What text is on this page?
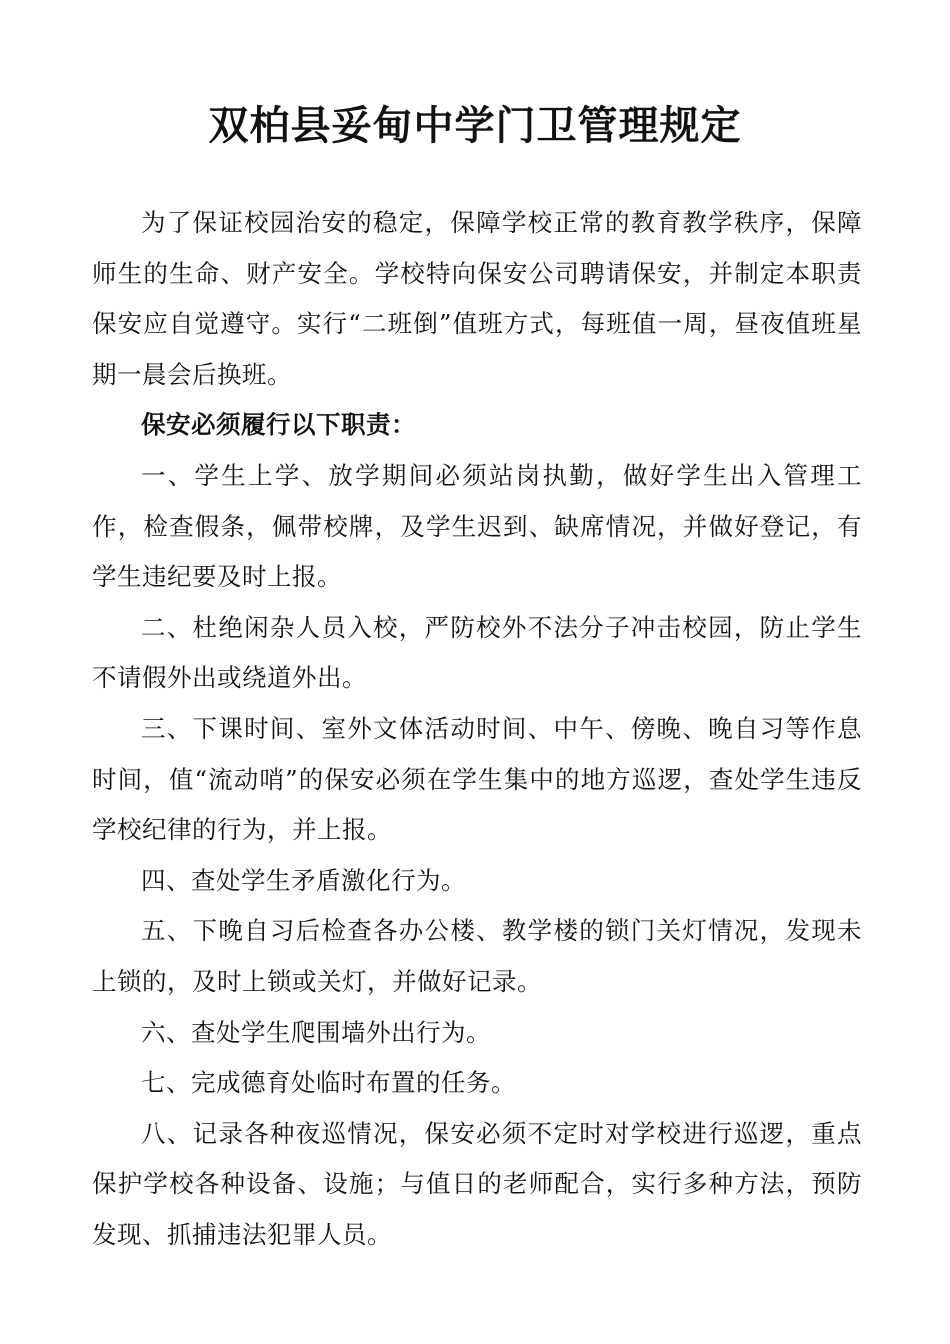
双柏县妥甸中学门卫管理规定

为了保证校园治安的稳定，保障学校正常的教育教学秩序，保障师生的生命、财产安全。学校特向保安公司聘请保安，并制定本职责保安应自觉遵守。实行“二班倒”值班方式，每班值一周，昼夜值班星期一晨会后换班。

保安必须履行以下职责：

一、学生上学、放学期间必须站岗执勤，做好学生出入管理工作，检查假条，佩带校牌，及学生迟到、缺席情况，并做好登记，有学生违纪要及时上报。

二、杜绝闲杂人员入校，严防校外不法分子冲击校园，防止学生不请假外出或绕道外出。

三、下课时间、室外文体活动时间、中午、傍晚、晚自习等作息时间，值“流动哨”的保安必须在学生集中的地方巡逻，查处学生违反学校纪律的行为，并上报。

四、查处学生矛盾激化行为。

五、下晚自习后检查各办公楼、教学楼的锁门关灯情况，发现未上锁的，及时上锁或关灯，并做好记录。

六、查处学生爬围墙外出行为。

七、完成德育处临时布置的任务。

八、记录各种夜巡情况，保安必须不定时对学校进行巡逻，重点保护学校各种设备、设施；与值日的老师配合，实行多种方法，预防发现、抓捕违法犯罪人员。
